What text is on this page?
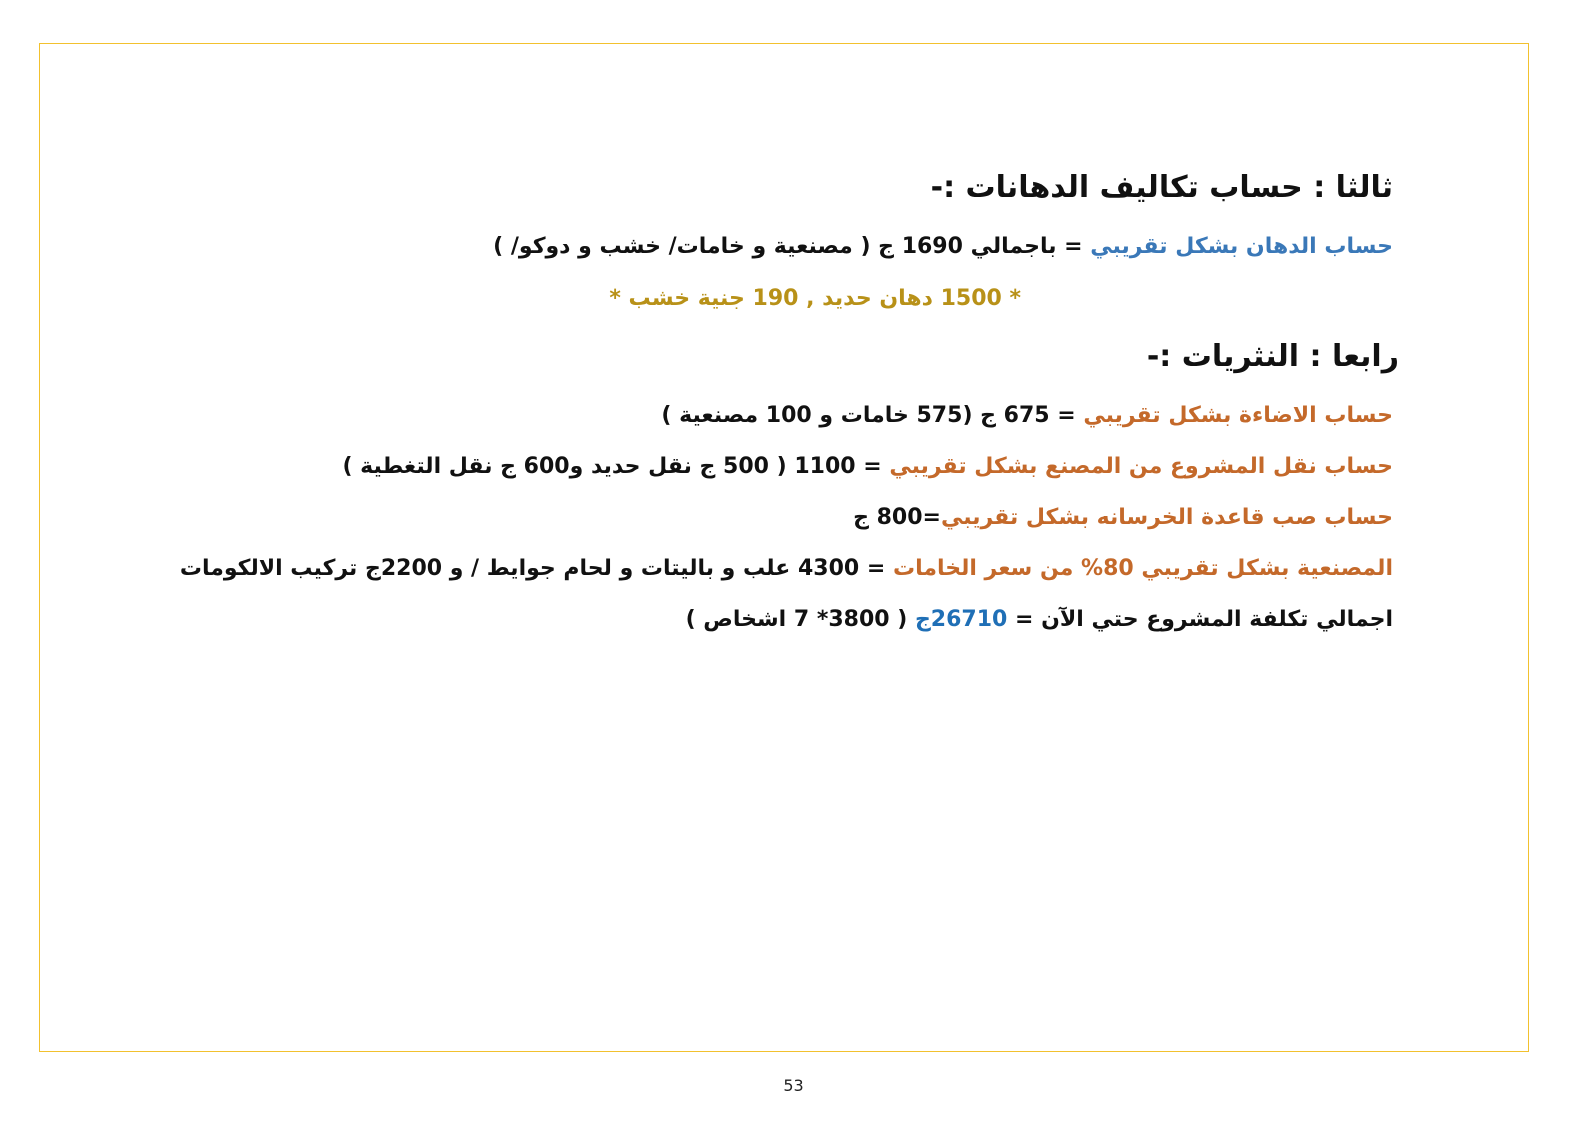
ثالثا : حساب تكاليف الدهانات :-
حساب الدهان بشكل تقريبي = باجمالي 1690 ج ( مصنعية و خامات/ خشب و دوكو/ )
* 1500 دهان حديد , 190 جنية خشب *
رابعا : النثريات :-
حساب الاضاءة بشكل تقريبي = 675 ج (575 خامات و 100 مصنعية )
حساب نقل المشروع من المصنع بشكل تقريبي = 1100 ( 500 ج نقل حديد و600 ج نقل التغطية )
حساب صب قاعدة الخرسانه بشكل تقريبي=800 ج
المصنعية بشكل تقريبي 80% من سعر الخامات = 4300 علب و باليتات و لحام جوايط / و 2200ج تركيب الالكومات
اجمالي تكلفة المشروع حتي الآن = 26710ج ( 3800* 7 اشخاص )
53
